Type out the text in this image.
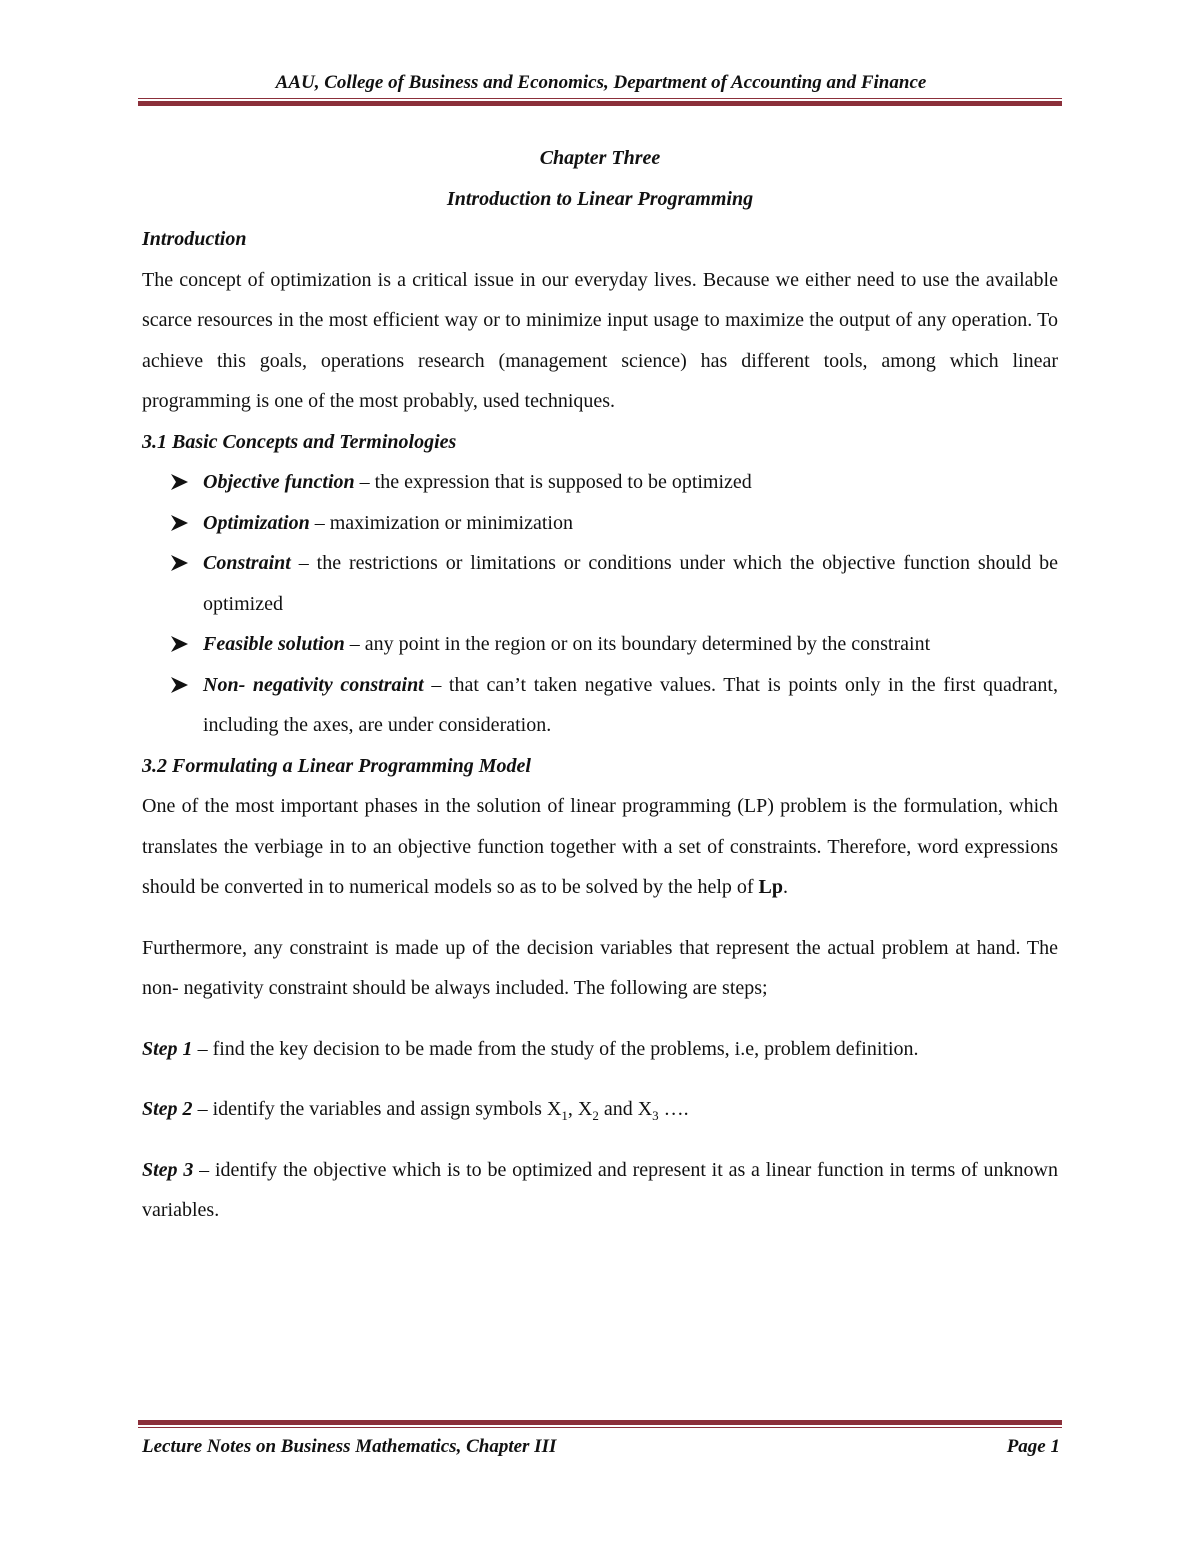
AAU, College of Business and Economics, Department of Accounting and Finance
Chapter Three
Introduction to Linear Programming
Introduction

The concept of optimization is a critical issue in our everyday lives. Because we either need to use the available scarce resources in the most efficient way or to minimize input usage to maximize the output of any operation. To achieve this goals, operations research (management science) has different tools, among which linear programming is one of the most probably, used techniques.

3.1 Basic Concepts and Terminologies
Objective function – the expression that is supposed to be optimized
Optimization – maximization or minimization
Constraint – the restrictions or limitations or conditions under which the objective function should be optimized
Feasible solution – any point in the region or on its boundary determined by the constraint
Non- negativity constraint – that can’t taken negative values. That is points only in the first quadrant, including the axes, are under consideration.
3.2 Formulating a Linear Programming Model

One of the most important phases in the solution of linear programming (LP) problem is the formulation, which translates the verbiage in to an objective function together with a set of constraints. Therefore, word expressions should be converted in to numerical models so as to be solved by the help of Lp.

Furthermore, any constraint is made up of the decision variables that represent the actual problem at hand. The non- negativity constraint should be always included. The following are steps;

Step 1 – find the key decision to be made from the study of the problems, i.e, problem definition.

Step 2 – identify the variables and assign symbols $X_1$, $X_2$ and $X_3$ ….

Step 3 – identify the objective which is to be optimized and represent it as a linear function in terms of unknown variables.

Lecture Notes on Business Mathematics, Chapter III	Page 1
